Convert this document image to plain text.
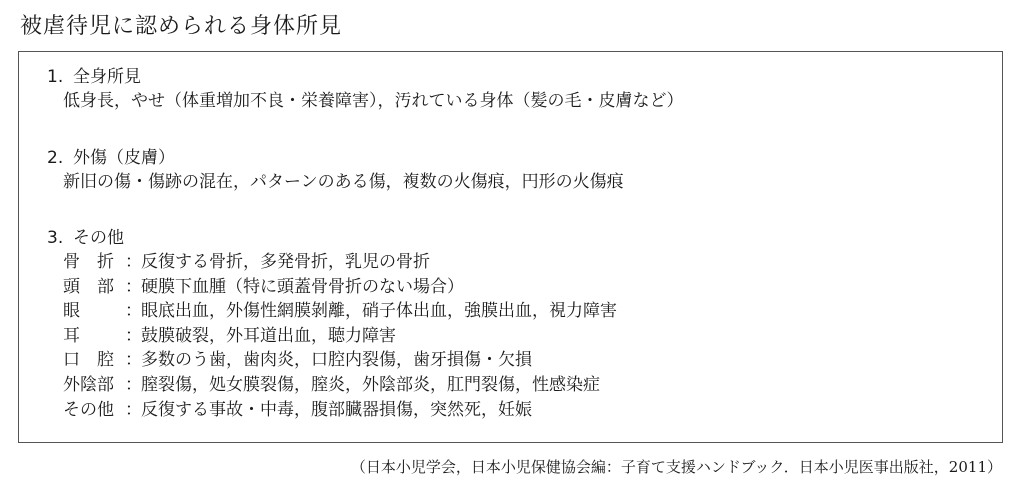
被虐待児に認められる身体所見
1. 全身所見
低身長，やせ（体重増加不良・栄養障害），汚れている身体（髪の毛・皮膚など）
2. 外傷（皮膚）
新旧の傷・傷跡の混在，パターンのある傷，複数の火傷痕，円形の火傷痕
3. その他
骨　折 ：反復する骨折，多発骨折，乳児の骨折
頭　部 ：硬膜下血腫（特に頭蓋骨骨折のない場合）
眼	：眼底出血，外傷性網膜剝離，硝子体出血，強膜出血，視力障害
耳	：鼓膜破裂，外耳道出血，聴力障害
口　腔 ：多数のう歯，歯肉炎，口腔内裂傷，歯牙損傷・欠損
外陰部 ：膣裂傷，処女膜裂傷，膣炎，外陰部炎，肛門裂傷，性感染症
その他 ：反復する事故・中毒，腹部臓器損傷，突然死，妊娠
（日本小児学会，日本小児保健協会編：子育て支援ハンドブック．日本小児医事出版社，2011）
